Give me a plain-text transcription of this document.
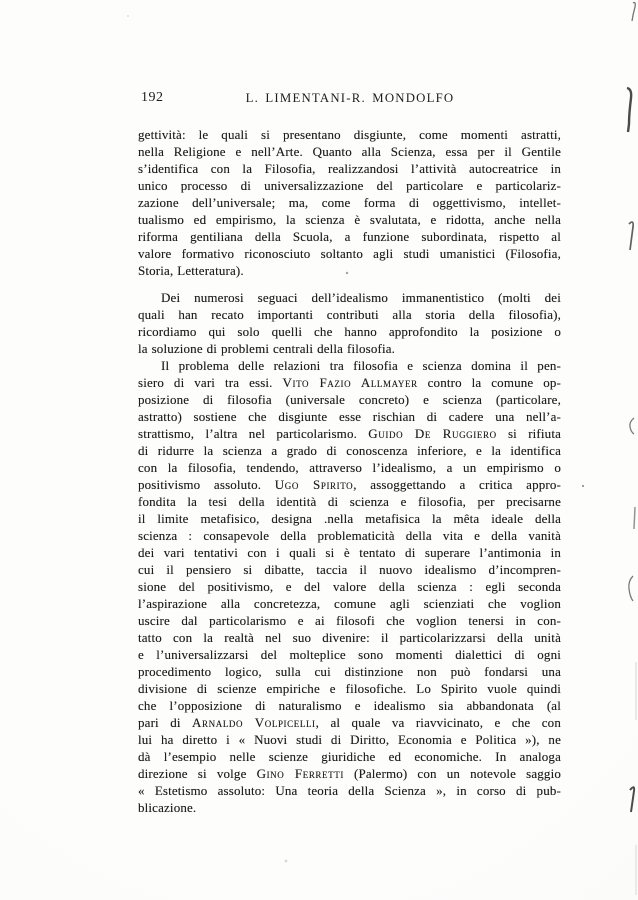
192	L. LIMENTANI-R. MONDOLFO
gettività: le quali si presentano disgiunte, come momenti astratti,
nella Religione e nell’Arte. Quanto alla Scienza, essa per il Gentile
s’identifica con la Filosofia, realizzandosi l’attività autocreatrice in
unico processo di universalizzazione del particolare e particolariz-
zazione dell’universale; ma, come forma di oggettivismo, intellet-
tualismo ed empirismo, la scienza è svalutata, e ridotta, anche nella
riforma gentiliana della Scuola, a funzione subordinata, rispetto al
valore formativo riconosciuto soltanto agli studi umanistici (Filosofia,
Storia, Letteratura).
Dei numerosi seguaci dell’idealismo immanentistico (molti dei
quali han recato importanti contributi alla storia della filosofia),
ricordiamo qui solo quelli che hanno approfondito la posizione o
la soluzione di problemi centrali della filosofia.
Il problema delle relazioni tra filosofia e scienza domina il pen-
siero di vari tra essi. Vito Fazio Allmayer contro la comune op-
posizione di filosofia (universale concreto) e scienza (particolare,
astratto) sostiene che disgiunte esse rischian di cadere una nell’a-
strattismo, l’altra nel particolarismo. Guido De Ruggiero si rifiuta
di ridurre la scienza a grado di conoscenza inferiore, e la identifica
con la filosofia, tendendo, attraverso l’idealismo, a un empirismo o
positivismo assoluto. Ugo Spirito, assoggettando a critica appro-
fondita la tesi della identità di scienza e filosofia, per precisarne
il limite metafisico, designa .nella metafisica la mêta ideale della
scienza : consapevole della problematicità della vita e della vanità
dei vari tentativi con i quali si è tentato di superare l’antimonia in
cui il pensiero si dibatte, taccia il nuovo idealismo d’incompren-
sione del positivismo, e del valore della scienza : egli seconda
l’aspirazione alla concretezza, comune agli scienziati che voglion
uscire dal particolarismo e ai filosofi che voglion tenersi in con-
tatto con la realtà nel suo divenire: il particolarizzarsi della unità
e l’universalizzarsi del molteplice sono momenti dialettici di ogni
procedimento logico, sulla cui distinzione non può fondarsi una
divisione di scienze empiriche e filosofiche. Lo Spirito vuole quindi
che l’opposizione di naturalismo e idealismo sia abbandonata (al
pari di Arnaldo Volpicelli, al quale va riavvicinato, e che con
lui ha diretto i « Nuovi studi di Diritto, Economia e Politica »), ne
dà l’esempio nelle scienze giuridiche ed economiche. In analoga
direzione si volge Gino Ferretti (Palermo) con un notevole saggio
« Estetismo assoluto: Una teoria della Scienza », in corso di pub-
blicazione.
